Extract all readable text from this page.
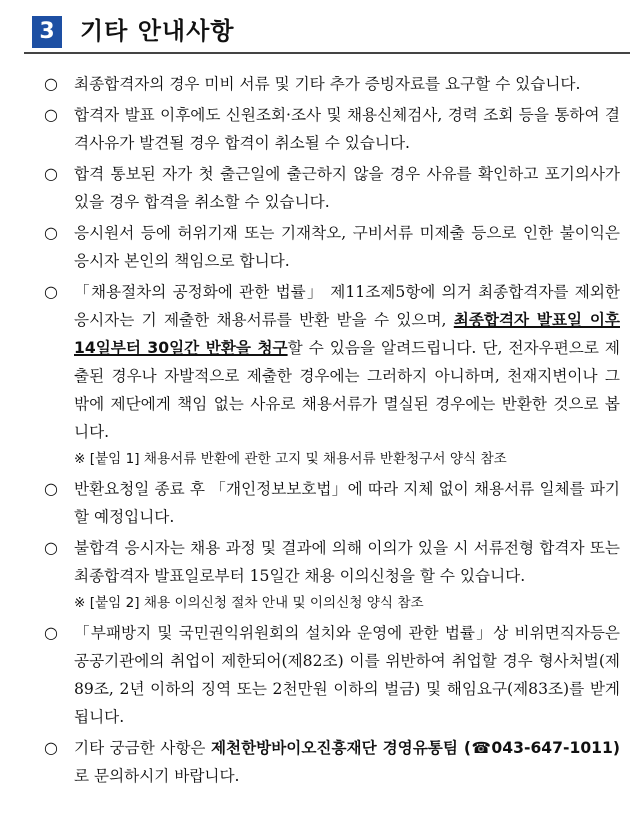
3	기타 안내사항
○ 최종합격자의 경우 미비 서류 및 기타 추가 증빙자료를 요구할 수 있습니다.
○ 합격자 발표 이후에도 신원조회·조사 및 채용신체검사, 경력 조회 등을 통하여 결격사유가 발견될 경우 합격이 취소될 수 있습니다.
○ 합격 통보된 자가 첫 출근일에 출근하지 않을 경우 사유를 확인하고 포기의사가 있을 경우 합격을 취소할 수 있습니다.
○ 응시원서 등에 허위기재 또는 기재착오, 구비서류 미제출 등으로 인한 불이익은 응시자 본인의 책임으로 합니다.
○ 「채용절차의 공정화에 관한 법률」 제11조제5항에 의거 최종합격자를 제외한 응시자는 기 제출한 채용서류를 반환 받을 수 있으며, 최종합격자 발표일 이후 14일부터 30일간 반환을 청구할 수 있음을 알려드립니다. 단, 전자우편으로 제출된 경우나 자발적으로 제출한 경우에는 그러하지 아니하며, 천재지변이나 그 밖에 제단에게 책임 없는 사유로 채용서류가 멸실된 경우에는 반환한 것으로 봅니다.
※ [붙임 1] 채용서류 반환에 관한 고지 및 채용서류 반환청구서 양식 참조
○ 반환요청일 종료 후 「개인정보보호법」에 따라 지체 없이 채용서류 일체를 파기할 예정입니다.
○ 불합격 응시자는 채용 과정 및 결과에 의해 이의가 있을 시 서류전형 합격자 또는 최종합격자 발표일로부터 15일간 채용 이의신청을 할 수 있습니다.
※ [붙임 2] 채용 이의신청 절차 안내 및 이의신청 양식 참조
○ 「부패방지 및 국민권익위원회의 설치와 운영에 관한 법률」상 비위면직자등은 공공기관에의 취업이 제한되어(제82조) 이를 위반하여 취업할 경우 형사처벌(제89조, 2년 이하의 징역 또는 2천만원 이하의 벌금) 및 해임요구(제83조)를 받게 됩니다.
○ 기타 궁금한 사항은 제천한방바이오진흥재단 경영유통팀 (☎043-647-1011)로 문의하시기 바랍니다.
